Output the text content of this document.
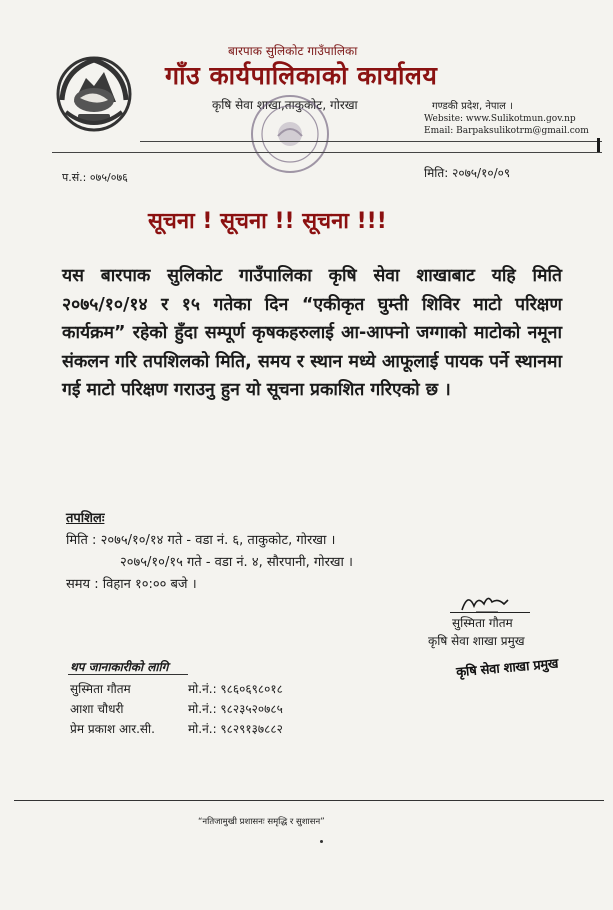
बारपाक सुलिकोट गाउँपालिका
गाँउ कार्यपालिकाको कार्यालय
कृषि सेवा शाखा,ताकुकोट, गोरखा	गण्डकी प्रदेश, नेपाल ।
Website: www.Sulikotmun.gov.np
Email: Barpaksulikotrm@gmail.com
प.सं.: ०७५/०७६	मिति: २०७५/१०/०९
सूचना ! सूचना !! सूचना !!!
यस बारपाक सुलिकोट गाउँपालिका कृषि सेवा शाखाबाट यहि मिति २०७५/१०/१४ र १५ गतेका दिन “एकीकृत घुम्ती शिविर माटो परिक्षण कार्यक्रम” रहेको हुँदा सम्पूर्ण कृषकहरुलाई आ-आफ्नो जग्गाको माटोको नमूना संकलन गरि तपशिलको मिति, समय र स्थान मध्ये आफूलाई पायक पर्ने स्थानमा गई माटो परिक्षण गराउनु हुन यो सूचना प्रकाशित गरिएको छ ।
तपशिलः
मिति : २०७५/१०/१४ गते - वडा नं. ६, ताकुकोट, गोरखा ।
२०७५/१०/१५ गते - वडा नं. ४, सौरपानी, गोरखा ।
समय : विहान १०:०० बजे ।
सुस्मिता गौतम
कृषि सेवा शाखा प्रमुख
कृषि सेवा शाखा प्रमुख
थप जानाकारीको लागि
सुस्मिता गौतम	मो.नं.: ९८६०६९८०१८
आशा चौधरी	मो.नं.: ९८२३५२०७८५
प्रेम प्रकाश आर.सी.	मो.नं.: ९८२९१३७८८२
“नतिजामुखी प्रशासनः समृद्धि र सुशासन”
